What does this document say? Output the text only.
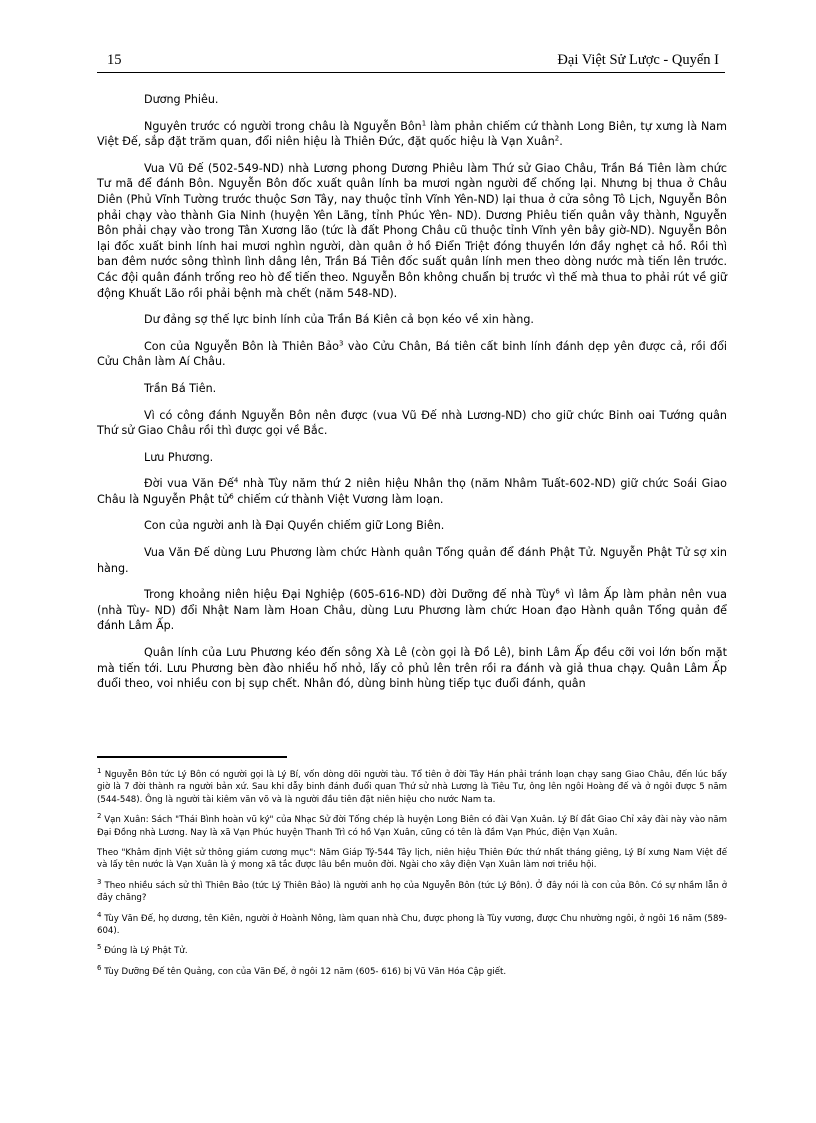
15	Đại Việt Sử Lược - Quyển I

Dương Phiêu.

Nguyên trước có người trong châu là Nguyễn Bôn$^1$ làm phản chiếm cứ thành Long Biên, tự xưng là Nam Việt Đế, sắp đặt trăm quan, đổi niên hiệu là Thiên Đức, đặt quốc hiệu là Vạn Xuân$^2$.

Vua Vũ Đế (502-549-ND) nhà Lương phong Dương Phiêu làm Thứ sử Giao Châu, Trần Bá Tiên làm chức Tư mã để đánh Bôn. Nguyễn Bôn đốc xuất quân lính ba mươi ngàn người để chống lại. Nhưng bị thua ở Châu Diên (Phủ Vĩnh Tường trước thuộc Sơn Tây, nay thuộc tỉnh Vĩnh Yên-ND) lại thua ở cửa sông Tô Lịch, Nguyễn Bôn phải chạy vào thành Gia Ninh (huyện Yên Lãng, tỉnh Phúc Yên- ND). Dương Phiêu tiến quân vây thành, Nguyễn Bôn phải chạy vào trong Tân Xương lão (tức là đất Phong Châu cũ thuộc tỉnh Vĩnh yên bây giờ-ND). Nguyễn Bôn lại đốc xuất binh lính hai mươi nghìn người, dàn quân ở hồ Điển Triệt đóng thuyền lớn đầy nghẹt cả hồ. Rồi thì ban đêm nước sông thình lình dâng lên, Trần Bá Tiên đốc suất quân lính men theo dòng nước mà tiến lên trước. Các đội quân đánh trống reo hò để tiến theo. Nguyễn Bôn không chuẩn bị trước vì thế mà thua to phải rút về giữ động Khuất Lão rồi phải bệnh mà chết (năm 548-ND).

Dư đảng sợ thế lực binh lính của Trần Bá Kiên cả bọn kéo về xin hàng.

Con của Nguyễn Bôn là Thiên Bảo$^3$ vào Cửu Chân, Bá tiên cất binh lính đánh dẹp yên được cả, rồi đổi Cửu Chân làm Aí Châu.

Trần Bá Tiên.

Vì có công đánh Nguyễn Bôn nên được (vua Vũ Đế nhà Lương-ND) cho giữ chức Binh oai Tướng quân Thứ sử Giao Châu rồi thì được gọi về Bắc.

Lưu Phương.

Đời vua Văn Đế$^4$ nhà Tùy năm thứ 2 niên hiệu Nhân thọ (năm Nhâm Tuất-602-ND) giữ chức Soái Giao Châu là Nguyễn Phật tử$^6$ chiếm cứ thành Việt Vương làm loạn.

Con của người anh là Đại Quyền chiếm giữ Long Biên.

Vua Văn Đế dùng Lưu Phương làm chức Hành quân Tổng quản để đánh Phật Tử. Nguyễn Phật Tử sợ xin hàng.

Trong khoảng niên hiệu Đại Nghiệp (605-616-ND) đời Dưỡng đế nhà Tùy$^6$ vì lâm Ấp làm phản nên vua (nhà Tùy- ND) đổi Nhật Nam làm Hoan Châu, dùng Lưu Phương làm chức Hoan đạo Hành quân Tổng quản để đánh Lâm Ấp.

Quân lính của Lưu Phương kéo đến sông Xà Lê (còn gọi là Đồ Lê), binh Lâm Ấp đều cỡi voi lớn bốn mặt mà tiến tới. Lưu Phương bèn đào nhiều hố nhỏ, lấy cỏ phủ lên trên rồi ra đánh và giả thua chạy. Quân Lâm Ấp đuổi theo, voi nhiều con bị sụp chết. Nhân đó, dùng binh hùng tiếp tục đuổi đánh, quân

$^1$ Nguyễn Bôn tức Lý Bôn có người gọi là Lý Bí, vốn dòng dõi người tàu. Tổ tiên ở đời Tây Hán phải tránh loạn chạy sang Giao Châu, đến lúc bấy giờ là 7 đời thành ra người bản xứ. Sau khi dẫy binh đánh đuổi quan Thứ sử nhà Lương là Tiêu Tư, ông lên ngôi Hoàng đế và ở ngôi được 5 năm (544-548). Ông là người tài kiêm văn võ và là người đầu tiên đặt niên hiệu cho nước Nam ta.

$^2$ Vạn Xuân: Sách "Thái Bình hoàn vũ ký" của Nhạc Sử đời Tống chép là huyện Long Biên có đài Vạn Xuân. Lý Bí đắt Giao Chỉ xây đài này vào năm Đại Đồng nhà Lương. Nay là xã Vạn Phúc huyện Thanh Trì có hồ Vạn Xuân, cũng có tên là đầm Vạn Phúc, điện Vạn Xuân.

Theo "Khâm định Việt sử thông giám cương mục": Năm Giáp Tý-544 Tây lịch, niên hiệu Thiên Đức thứ nhất tháng giêng, Lý Bí xưng Nam Việt đế và lấy tên nước là Vạn Xuân là ý mong xã tắc được lâu bền muôn đời. Ngài cho xây điện Vạn Xuân làm nơi triều hội.

$^3$ Theo nhiều sách sử thì Thiên Bảo (tức Lý Thiên Bảo) là người anh họ của Nguyễn Bôn (tức Lý Bôn). Ở đây nói là con của Bôn. Có sự nhầm lẫn ở đây chăng?

$^4$ Tùy Văn Đế, họ dương, tên Kiên, người ở Hoành Nông, làm quan nhà Chu, được phong là Tùy vương, được Chu nhường ngôi, ở ngôi 16 năm (589-604).

$^5$ Đúng là Lý Phật Tử.

$^6$ Tùy Dưỡng Đế tên Quảng, con của Văn Đế, ở ngôi 12 năm (605- 616) bị Vũ Văn Hóa Cập giết.
